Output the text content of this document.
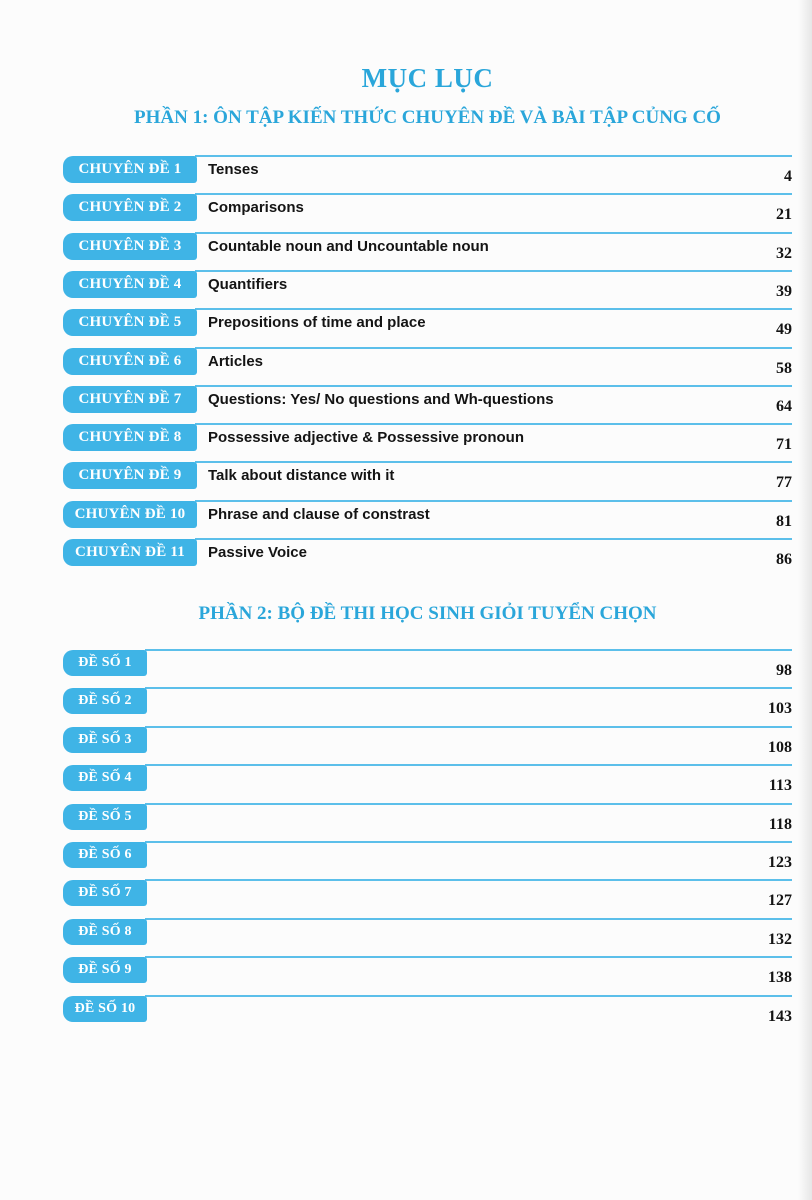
MỤC LỤC
PHẦN 1: ÔN TẬP KIẾN THỨC CHUYÊN ĐỀ VÀ BÀI TẬP CỦNG CỐ
CHUYÊN ĐỀ 1	Tenses	4
CHUYÊN ĐỀ 2	Comparisons	21
CHUYÊN ĐỀ 3	Countable noun and Uncountable noun	32
CHUYÊN ĐỀ 4	Quantifiers	39
CHUYÊN ĐỀ 5	Prepositions of time and place	49
CHUYÊN ĐỀ 6	Articles	58
CHUYÊN ĐỀ 7	Questions: Yes/ No questions and Wh-questions	64
CHUYÊN ĐỀ 8	Possessive adjective & Possessive pronoun	71
CHUYÊN ĐỀ 9	Talk about distance with it	77
CHUYÊN ĐỀ 10	Phrase and clause of constrast	81
CHUYÊN ĐỀ 11	Passive Voice	86
PHẦN 2: BỘ ĐỀ THI HỌC SINH GIỎI TUYỂN CHỌN
ĐỀ SỐ 1	98
ĐỀ SỐ 2	103
ĐỀ SỐ 3	108
ĐỀ SỐ 4	113
ĐỀ SỐ 5	118
ĐỀ SỐ 6	123
ĐỀ SỐ 7	127
ĐỀ SỐ 8	132
ĐỀ SỐ 9	138
ĐỀ SỐ 10	143
